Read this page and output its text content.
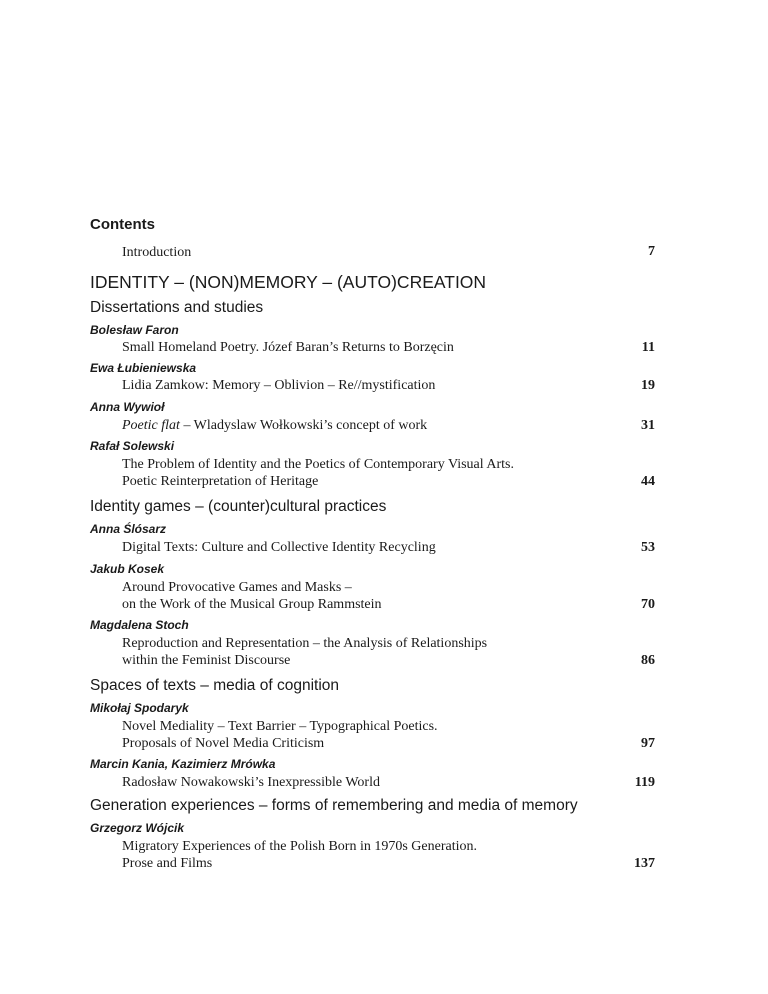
Contents
Introduction	7
IDENTITY – (NON)MEMORY – (AUTO)CREATION
Dissertations and studies
Bolesław Faron
Small Homeland Poetry. Józef Baran’s Returns to Borzęcin	11
Ewa Łubieniewska
Lidia Zamkow: Memory – Oblivion – Re//mystification	19
Anna Wywioł
Poetic flat – Wladyslaw Wołkowski’s concept of work	31
Rafał Solewski
The Problem of Identity and the Poetics of Contemporary Visual Arts.
Poetic Reinterpretation of Heritage	44
Identity games – (counter)cultural practices
Anna Ślósarz
Digital Texts: Culture and Collective Identity Recycling	53
Jakub Kosek
Around Provocative Games and Masks –
on the Work of the Musical Group Rammstein	70
Magdalena Stoch
Reproduction and Representation – the Analysis of Relationships
within the Feminist Discourse	86
Spaces of texts – media of cognition
Mikołaj Spodaryk
Novel Mediality – Text Barrier – Typographical Poetics.
Proposals of Novel Media Criticism	97
Marcin Kania, Kazimierz Mrówka
Radosław Nowakowski’s Inexpressible World	119
Generation experiences – forms of remembering and media of memory
Grzegorz Wójcik
Migratory Experiences of the Polish Born in 1970s Generation.
Prose and Films	137
